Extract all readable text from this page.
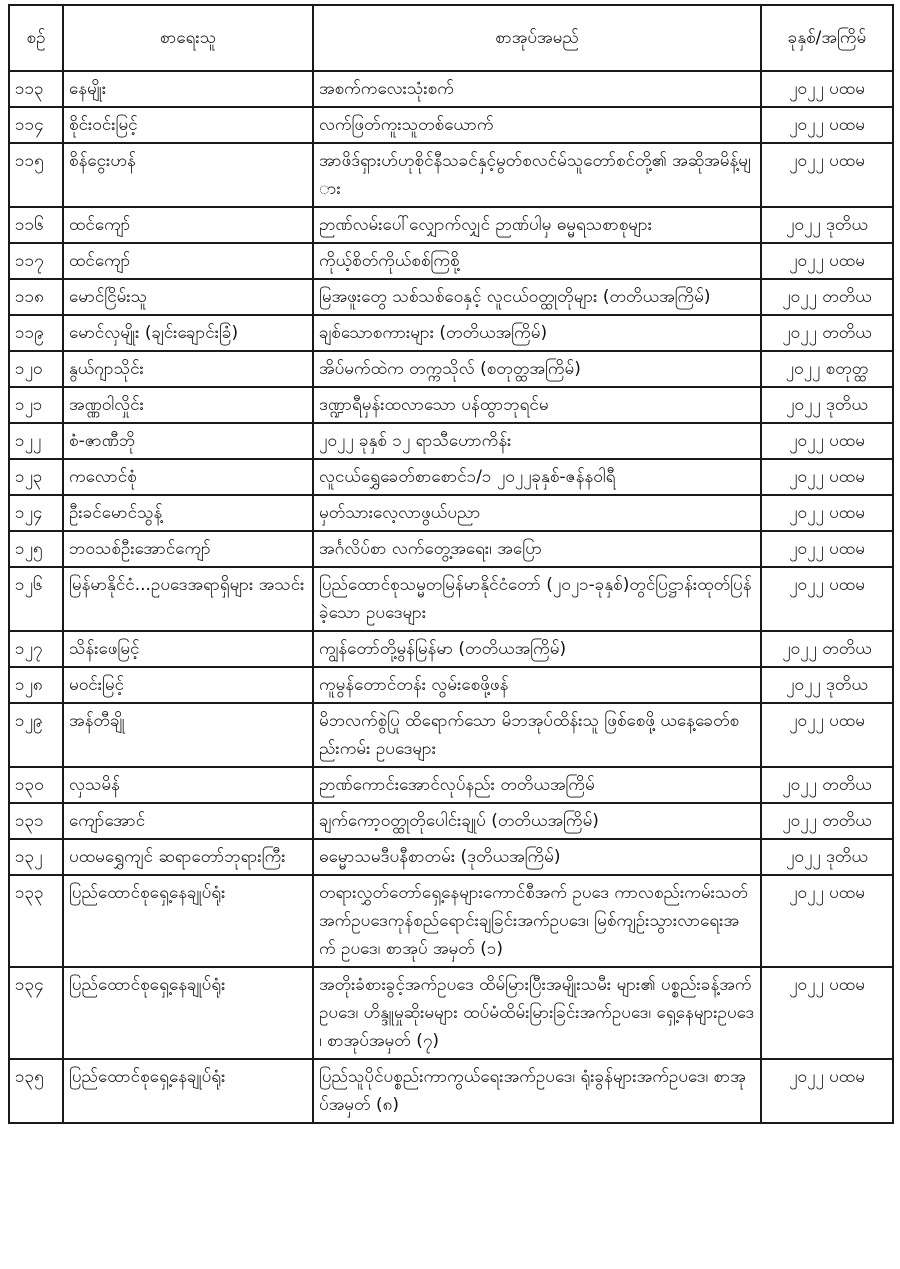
စဉ်	စာရေးသူ	စာအုပ်အမည်	ခုနှစ်/အကြိမ်
၁၁၃	နေမျိုး	အစက်ကလေးသုံးစက်	၂၀၂၂ ပထမ
၁၁၄	စိုင်းဝင်းမြင့်	လက်ဖြတ်ကူးသူတစ်ယောက်	၂၀၂၂ ပထမ
၁၁၅	စိန်ငွေးဟန်	အာဖိဒ်ရှားဟ်ဟုစိုင်နီသခင်နှင့်မွတ်စလင်မ်သူတော်စင်တို့၏ အဆိုအမိန့်များ	၂၀၂၂ ပထမ
၁၁၆	ထင်ကျော်	ဉာဏ်လမ်းပေါ်လျှောက်လျှင် ဉာဏ်ပါမှ ဓမ္မရသစာစုများ	၂၀၂၂ ဒုတိယ
၁၁၇	ထင်ကျော်	ကိုယ့်စိတ်ကိုယ်စစ်ကြစို့	၂၀၂၂ ပထမ
၁၁၈	မောင်ငြိမ်းသူ	မြအဖူးတွေ သစ်သစ်ဝေနှင့် လူငယ်ဝတ္ထုတိုများ (တတိယအကြိမ်)	၂၀၂၂ တတိယ
၁၁၉	မောင်လှမျိုး (ချင်းချောင်းခြံ)	ချစ်သောစကားများ (တတိယအကြိမ်)	၂၀၂၂ တတိယ
၁၂၀	နွယ်ဂျာသိုင်း	အိပ်မက်ထဲက တက္ကသိုလ် (စတုတ္ထအကြိမ်)	၂၀၂၂ စတုတ္ထ
၁၂၁	အဏ္ဏဝါလှိုင်း	ဒဏ္ဍာရီမှန်းထလာသော ပန်ထွာဘုရင်မ	၂၀၂၂ ဒုတိယ
၁၂၂	စံ-ဇာဏီဘို	၂၀၂၂ ခုနှစ် ၁၂ ရာသီဟောကိန်း	၂၀၂၂ ပထမ
၁၂၃	ကလောင်စုံ	လူငယ်ရွှေခေတ်စာစောင်၁/၁ ၂၀၂၂ခုနှစ်-ဇန်နဝါရီ	၂၀၂၂ ပထမ
၁၂၄	ဦးခင်မောင်သွန့်	မှတ်သားလေ့လာဖွယ်ပညာ	၂၀၂၂ ပထမ
၁၂၅	ဘဝသစ်ဦးအောင်ကျော်	အင်္ဂလိပ်စာ လက်တွေ့အရေး၊ အပြော	၂၀၂၂ ပထမ
၁၂၆	မြန်မာနိုင်ငံ...ဥပဒေအရာရှိများ အသင်း	ပြည်ထောင်စုသမ္မတမြန်မာနိုင်ငံတော် (၂၀၂၁-ခုနှစ်)တွင်ပြဋ္ဌာန်းထုတ်ပြန်ခဲ့သော ဥပဒေများ	၂၀၂၂ ပထမ
၁၂၇	သိန်းဖေမြင့်	ကျွန်တော်တို့မွန်မြန်မာ (တတိယအကြိမ်)	၂၀၂၂ တတိယ
၁၂၈	မဝင်းမြင့်	ကူမွန်တောင်တန်း လွမ်းစေဖို့ဖန်	၂၀၂၂ ဒုတိယ
၁၂၉	အန်တီချို	မိဘလက်စွဲပြု ထိရောက်သော မိဘအုပ်ထိန်းသူ ဖြစ်စေဖို့ ယနေ့ခေတ်စည်းကမ်း ဥပဒေများ	၂၀၂၂ ပထမ
၁၃၀	လှသမိန်	ဉာဏ်ကောင်းအောင်လုပ်နည်း တတိယအကြိမ်	၂၀၂၂ တတိယ
၁၃၁	ကျော်အောင်	ချက်ကော့ဝတ္ထုတိုပေါင်းချုပ် (တတိယအကြိမ်)	၂၀၂၂ တတိယ
၁၃၂	ပထမရွှေကျင် ဆရာတော်ဘုရားကြီး	ဓမ္မောသမဒီပနီစာတမ်း (ဒုတိယအကြိမ်)	၂၀၂၂ ဒုတိယ
၁၃၃	ပြည်ထောင်စုရှေ့နေချုပ်ရုံး	တရားလွှတ်တော်ရှေ့နေများကောင်စီအက် ဥပဒေ ကာလစည်းကမ်းသတ်အက်ဥပဒေကုန်စည်ရောင်းချခြင်းအက်ဥပဒေ၊ မြစ်ကျဉ်းသွားလာရေးအက် ဥပဒေ၊ စာအုပ် အမှတ် (၁)	၂၀၂၂ ပထမ
၁၃၄	ပြည်ထောင်စုရှေ့နေချုပ်ရုံး	အတိုးခံစားခွင့်အက်ဥပဒေ ထိမ်မြားပြီးအမျိုးသမီး များ၏ ပစ္စည်းခန့်အက်ဥပဒေ၊ ဟိန္ဒူမှုဆိုးမများ ထပ်မံထိမ်းမြားခြင်းအက်ဥပဒေ၊ ရှေ့နေများဥပဒေ၊ စာအုပ်အမှတ် (၇)	၂၀၂၂ ပထမ
၁၃၅	ပြည်ထောင်စုရှေ့နေချုပ်ရုံး	ပြည်သူပိုင်ပစ္စည်းကာကွယ်ရေးအက်ဥပဒေ၊ ရုံးခွန်များအက်ဥပဒေ၊ စာအုပ်အမှတ် (၈)	၂၀၂၂ ပထမ
